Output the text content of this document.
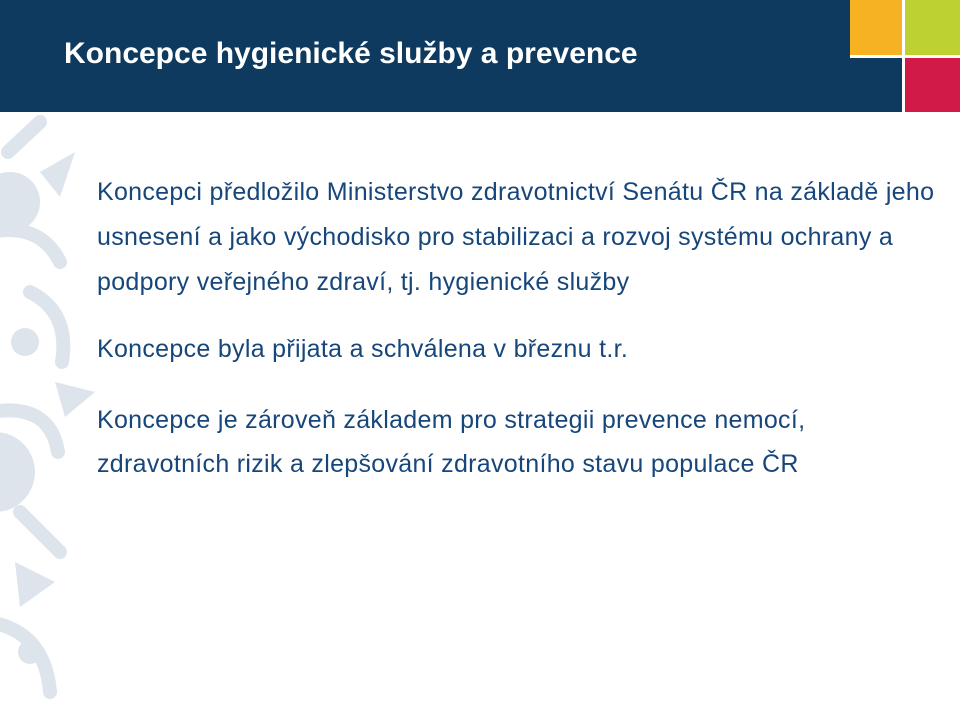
Koncepce hygienické služby a prevence

Koncepci předložilo Ministerstvo zdravotnictví Senátu ČR na základě jeho usnesení a jako východisko pro stabilizaci a rozvoj systému ochrany a podpory veřejného zdraví, tj. hygienické služby

Koncepce byla přijata a schválena v březnu t.r.

Koncepce je zároveň základem pro strategii prevence nemocí, zdravotních rizik a zlepšování zdravotního stavu populace ČR
